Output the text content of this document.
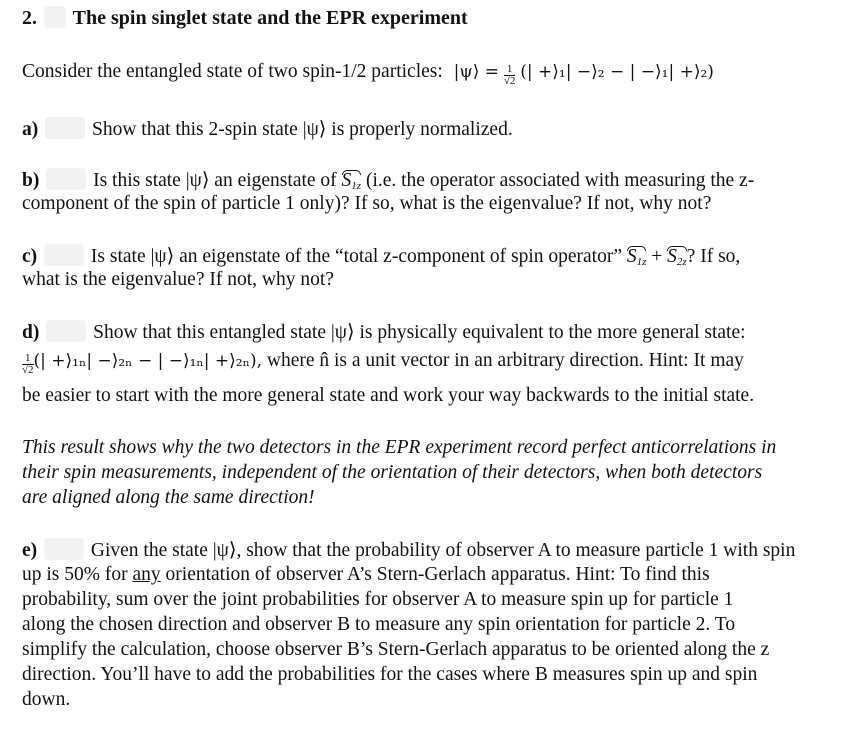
2. The spin singlet state and the EPR experiment
Consider the entangled state of two spin-1/2 particles: |ψ⟩ = $\frac{1}{√2}$ (| +⟩₁| −⟩₂ − | −⟩₁| +⟩₂)
a)	Show that this 2-spin state |ψ⟩ is properly normalized.
b)	Is this state |ψ⟩ an eigenstate of $S_{1z}$ (i.e. the operator associated with measuring the z-
component of the spin of particle 1 only)? If so, what is the eigenvalue? If not, why not?
c)	Is state |ψ⟩ an eigenstate of the “total z-component of spin operator” $S_{1z} + S_{2z}$? If so,
what is the eigenvalue? If not, why not?
d)	Show that this entangled state |ψ⟩ is physically equivalent to the more general state:
$\frac{1}{√2}$ (| +⟩₁ₙ| −⟩₂ₙ − | −⟩₁ₙ| +⟩₂ₙ), where n̂ is a unit vector in an arbitrary direction. Hint: It may
be easier to start with the more general state and work your way backwards to the initial state.
This result shows why the two detectors in the EPR experiment record perfect anticorrelations in
their spin measurements, independent of the orientation of their detectors, when both detectors
are aligned along the same direction!
e)	Given the state |ψ⟩, show that the probability of observer A to measure particle 1 with spin
up is 50% for any orientation of observer A’s Stern-Gerlach apparatus. Hint: To find this
probability, sum over the joint probabilities for observer A to measure spin up for particle 1
along the chosen direction and observer B to measure any spin orientation for particle 2. To
simplify the calculation, choose observer B’s Stern-Gerlach apparatus to be oriented along the z
direction. You’ll have to add the probabilities for the cases where B measures spin up and spin
down.
